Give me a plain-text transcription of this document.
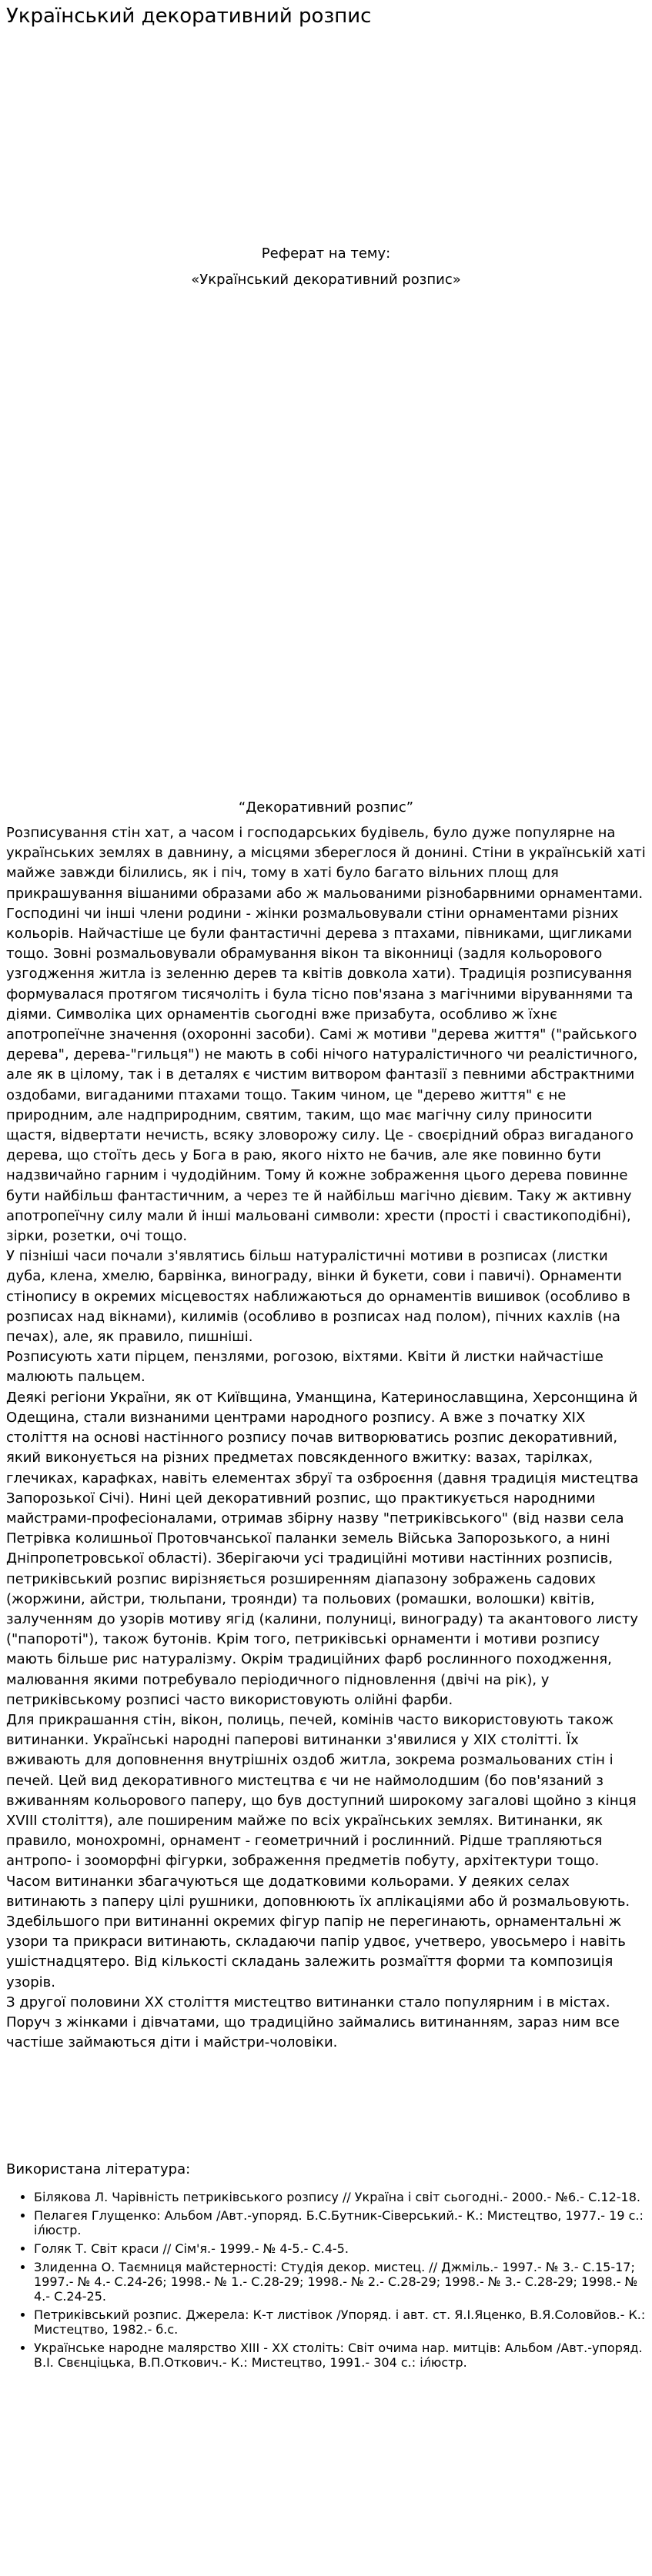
Український декоративний розпис

Реферат на тему:

«Український декоративний розпис»

“Декоративний розпис”

Розписування стін хат, а часом і господарських будівель, було дуже популярне на українських землях в давнину, а місцями збереглося й донині. Стіни в українській хаті майже завжди білились, як і піч, тому в хаті було багато вільних площ для прикрашування вішаними образами або ж мальованими різнобарвними орнаментами. Господині чи інші члени родини - жінки розмальовували стіни орнаментами різних кольорів. Найчастіше це були фантастичні дерева з птахами, півниками, щигликами тощо. Зовні розмальовували обрамування вікон та віконниці (задля кольорового узгодження житла із зеленню дерев та квітів довкола хати). Традиція розписування формувалася протягом тисячоліть і була тісно пов'язана з магічними віруваннями та діями. Символіка цих орнаментів сьогодні вже призабута, особливо ж їхнє апотропеїчне значення (охоронні засоби). Самі ж мотиви "дерева життя" ("райського дерева", дерева-"гильця") не мають в собі нічого натуралістичного чи реалістичного, але як в цілому, так і в деталях є чистим витвором фантазії з певними абстрактними оздобами, вигаданими птахами тощо. Таким чином, це "дерево життя" є не природним, але надприродним, святим, таким, що має магічну силу приносити щастя, відвертати нечисть, всяку зловорожу силу. Це - своєрідний образ вигаданого дерева, що стоїть десь у Бога в раю, якого ніхто не бачив, але яке повинно бути надзвичайно гарним і чудодійним. Тому й кожне зображення цього дерева повинне бути найбільш фантастичним, а через те й найбільш магічно дієвим. Таку ж активну апотропеїчну силу мали й інші мальовані символи: хрести (прості і свастикоподібні), зірки, розетки, очі тощо.

У пізніші часи почали з'являтись більш натуралістичні мотиви в розписах (листки дуба, клена, хмелю, барвінка, винограду, вінки й букети, сови і павичі). Орнаменти стінопису в окремих місцевостях наближаються до орнаментів вишивок (особливо в розписах над вікнами), килимів (особливо в розписах над полом), пічних кахлів (на печах), але, як правило, пишніші.

Розписують хати пірцем, пензлями, рогозою, віхтями. Квіти й листки найчастіше малюють пальцем.

Деякі регіони України, як от Київщина, Уманщина, Катеринославщина, Херсонщина й Одещина, стали визнаними центрами народного розпису. А вже з початку XIX століття на основі настінного розпису почав витворюватись розпис декоративний, який виконується на різних предметах повсякденного вжитку: вазах, тарілках, глечиках, карафках, навіть елементах збруї та озброєння (давня традиція мистецтва Запорозької Січі). Нині цей декоративний розпис, що практикується народними майстрами-професіоналами, отримав збірну назву "петриківського" (від назви села Петрівка колишньої Протовчанської паланки земель Війська Запорозького, а нині Дніпропетровської області). Зберігаючи усі традиційні мотиви настінних розписів, петриківський розпис вирізняється розширенням діапазону зображень садових (жоржини, айстри, тюльпани, троянди) та польових (ромашки, волошки) квітів, залученням до узорів мотиву ягід (калини, полуниці, винограду) та акантового листу ("папороті"), також бутонів. Крім того, петриківські орнаменти і мотиви розпису мають більше рис натуралізму. Окрім традиційних фарб рослинного походження, малювання якими потребувало періодичного підновлення (двічі на рік), у петриківському розписі часто використовують олійні фарби.

Для прикрашання стін, вікон, полиць, печей, комінів часто використовують також витинанки. Українські народні паперові витинанки з'явилися у XIX столітті. Їх вживають для доповнення внутрішніх оздоб житла, зокрема розмальованих стін і печей. Цей вид декоративного мистецтва є чи не наймолодшим (бо пов'язаний з вживанням кольорового паперу, що був доступний широкому загалові щойно з кінця XVIII століття), але поширеним майже по всіх українських землях. Витинанки, як правило, монохромні, орнамент - геометричний і рослинний. Рідше трапляються антропо- і зооморфні фігурки, зображення предметів побуту, архітектури тощо. Часом витинанки збагачуються ще додатковими кольорами. У деяких селах витинають з паперу цілі рушники, доповнюють їх аплікаціями або й розмальовують. Здебільшого при витинанні окремих фігур папір не перегинають, орнаментальні ж узори та прикраси витинають, складаючи папір удвоє, учетверо, увосьмеро і навіть ушістнадцятеро. Від кількості складань залежить розмаїття форми та композиція узорів.

З другої половини XX століття мистецтво витинанки стало популярним і в містах. Поруч з жінками і дівчатами, що традиційно займались витинанням, зараз ним все частіше займаються діти і майстри-чоловіки.

Використана література:

• Білякова Л. Чарівність петриківського розпису // Україна і світ сьогодні.- 2000.- №6.- С.12-18.
• Пелагея Глущенко: Альбом /Авт.-упоряд. Б.С.Бутник-Сіверський.- К.: Мистецтво, 1977.- 19 с.: іл́юстр.
• Голяк Т. Світ краси // Сім'я.- 1999.- № 4-5.- С.4-5.
• Злиденна О. Таємниця майстерності: Студія декор. мистец. // Джміль.- 1997.- № 3.- С.15-17; 1997.- № 4.- С.24-26; 1998.- № 1.- С.28-29; 1998.- № 2.- С.28-29; 1998.- № 3.- С.28-29; 1998.- № 4.- С.24-25.
• Петриківський розпис. Джерела: К-т листівок /Упоряд. і авт. ст. Я.І.Яценко, В.Я.Соловйов.- К.: Мистецтво, 1982.- б.с.
• Українське народне малярство XIII - XX століть: Світ очима нар. митців: Альбом /Авт.-упоряд. В.І. Свєнціцька, В.П.Откович.- К.: Мистецтво, 1991.- 304 с.: іл́юстр.
